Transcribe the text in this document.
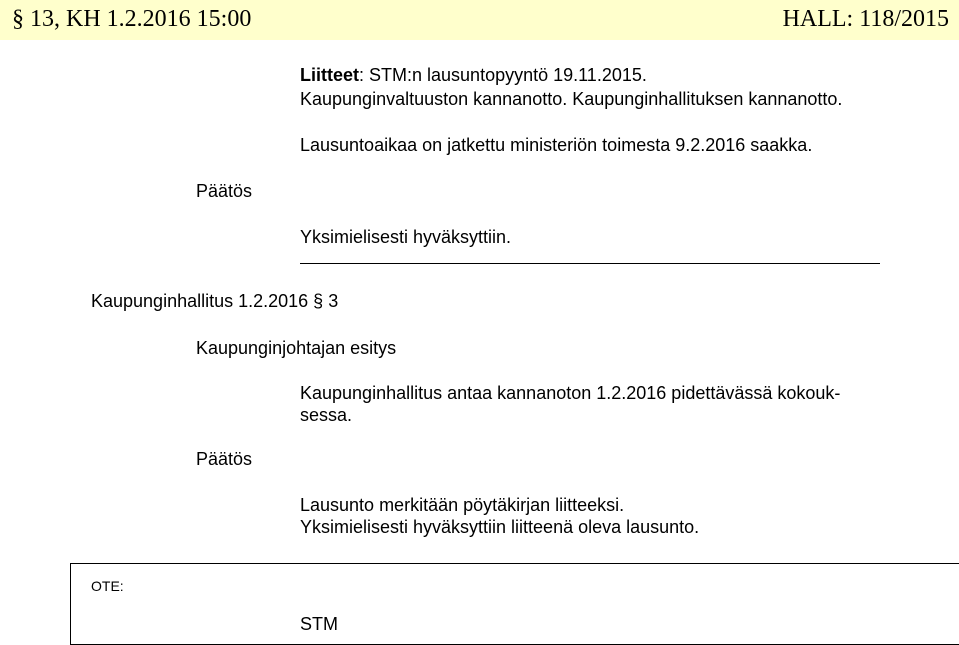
§ 13, KH 1.2.2016 15:00	HALL: 118/2015
Liitteet: STM:n lausuntopyyntö 19.11.2015.
Kaupunginvaltuuston kannanotto. Kaupunginhallituksen kannanotto.
Lausuntoaikaa on jatkettu ministeriön toimesta 9.2.2016 saakka.
Päätös
Yksimielisesti hyväksyttiin.
Kaupunginhallitus 1.2.2016 § 3
Kaupunginjohtajan esitys
Kaupunginhallitus antaa kannanoton 1.2.2016 pidettävässä kokouk-
sessa.
Päätös
Lausunto merkitään pöytäkirjan liitteeksi.
Yksimielisesti hyväksyttiin liitteenä oleva lausunto.
OTE:
STM
